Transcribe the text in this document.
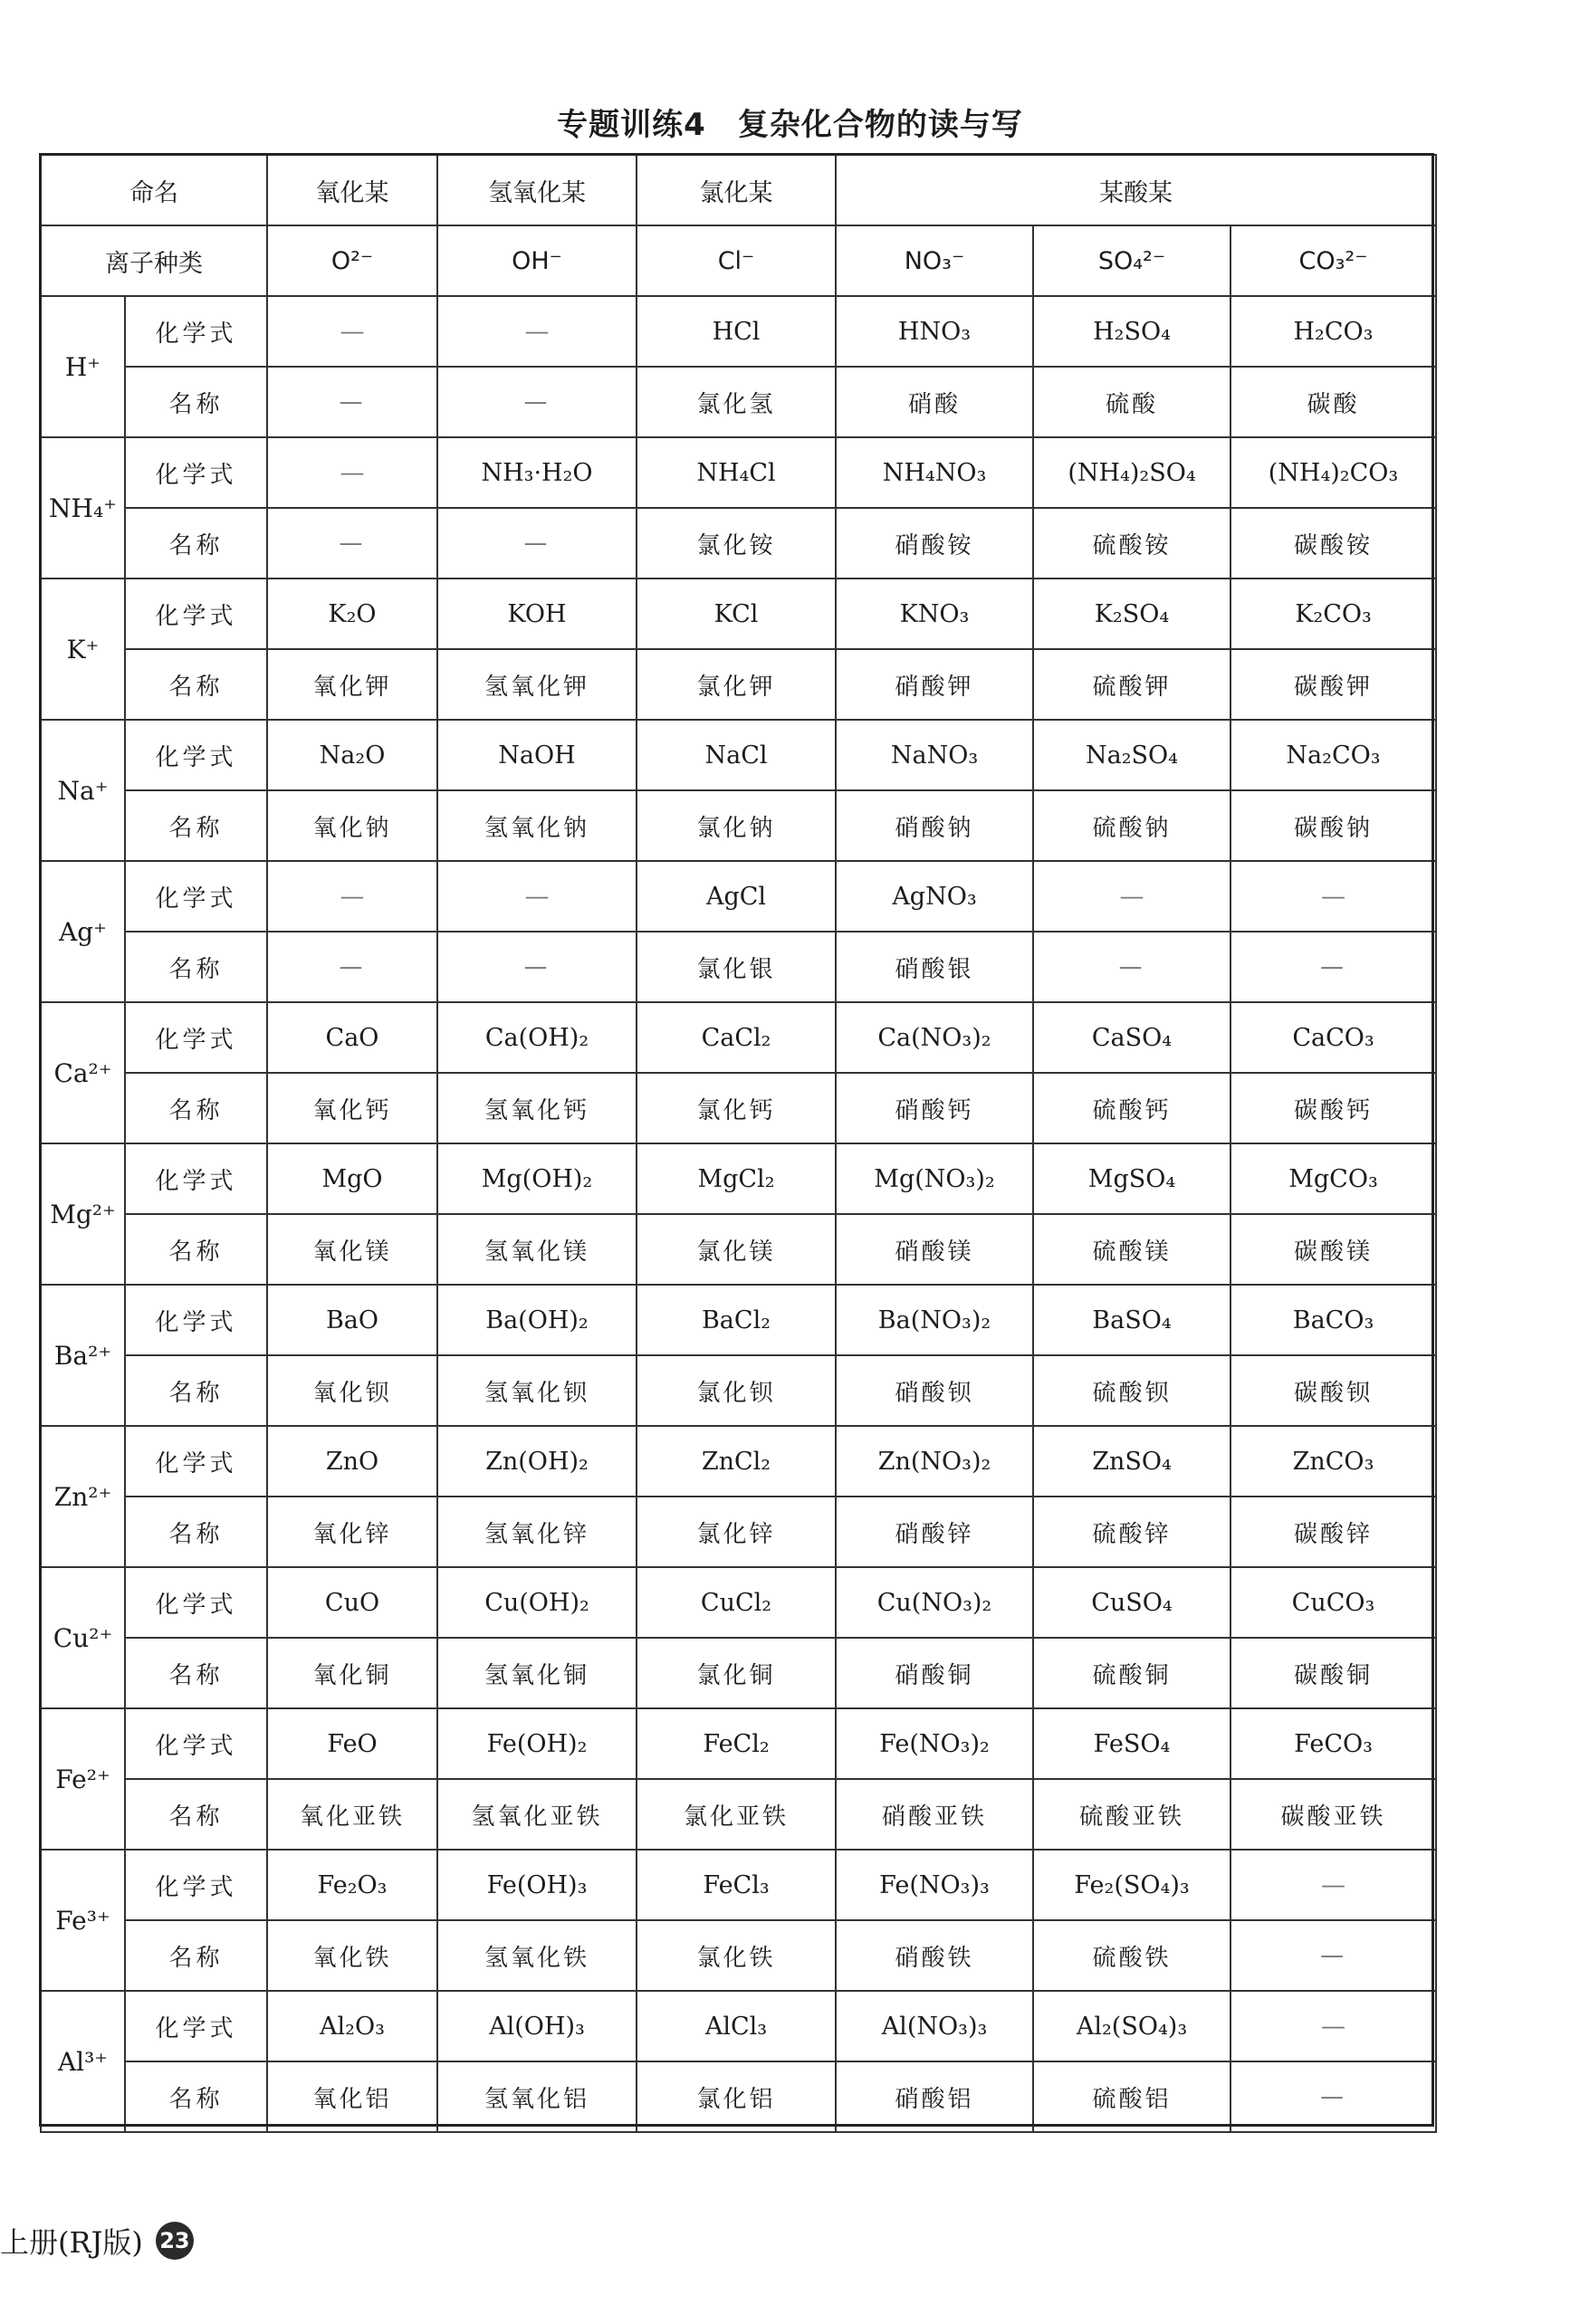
专题训练4　复杂化合物的读与写
命名		氧化某	氢氧化某	氯化某	某酸某		
离子种类		O²⁻	OH⁻	Cl⁻	NO₃⁻	SO₄²⁻	CO₃²⁻
H⁺	化学式	—	—	HCl	HNO₃	H₂SO₄	H₂CO₃
	名称	—	—	氯化氢	硝酸	硫酸	碳酸
NH₄⁺	化学式	—	NH₃·H₂O	NH₄Cl	NH₄NO₃	(NH₄)₂SO₄	(NH₄)₂CO₃
	名称	—	—	氯化铵	硝酸铵	硫酸铵	碳酸铵
K⁺	化学式	K₂O	KOH	KCl	KNO₃	K₂SO₄	K₂CO₃
	名称	氧化钾	氢氧化钾	氯化钾	硝酸钾	硫酸钾	碳酸钾
Na⁺	化学式	Na₂O	NaOH	NaCl	NaNO₃	Na₂SO₄	Na₂CO₃
	名称	氧化钠	氢氧化钠	氯化钠	硝酸钠	硫酸钠	碳酸钠
Ag⁺	化学式	—	—	AgCl	AgNO₃	—	—
	名称	—	—	氯化银	硝酸银	—	—
Ca²⁺	化学式	CaO	Ca(OH)₂	CaCl₂	Ca(NO₃)₂	CaSO₄	CaCO₃
	名称	氧化钙	氢氧化钙	氯化钙	硝酸钙	硫酸钙	碳酸钙
Mg²⁺	化学式	MgO	Mg(OH)₂	MgCl₂	Mg(NO₃)₂	MgSO₄	MgCO₃
	名称	氧化镁	氢氧化镁	氯化镁	硝酸镁	硫酸镁	碳酸镁
Ba²⁺	化学式	BaO	Ba(OH)₂	BaCl₂	Ba(NO₃)₂	BaSO₄	BaCO₃
	名称	氧化钡	氢氧化钡	氯化钡	硝酸钡	硫酸钡	碳酸钡
Zn²⁺	化学式	ZnO	Zn(OH)₂	ZnCl₂	Zn(NO₃)₂	ZnSO₄	ZnCO₃
	名称	氧化锌	氢氧化锌	氯化锌	硝酸锌	硫酸锌	碳酸锌
Cu²⁺	化学式	CuO	Cu(OH)₂	CuCl₂	Cu(NO₃)₂	CuSO₄	CuCO₃
	名称	氧化铜	氢氧化铜	氯化铜	硝酸铜	硫酸铜	碳酸铜
Fe²⁺	化学式	FeO	Fe(OH)₂	FeCl₂	Fe(NO₃)₂	FeSO₄	FeCO₃
	名称	氧化亚铁	氢氧化亚铁	氯化亚铁	硝酸亚铁	硫酸亚铁	碳酸亚铁
Fe³⁺	化学式	Fe₂O₃	Fe(OH)₃	FeCl₃	Fe(NO₃)₃	Fe₂(SO₄)₃	—
	名称	氧化铁	氢氧化铁	氯化铁	硝酸铁	硫酸铁	—
Al³⁺	化学式	Al₂O₃	Al(OH)₃	AlCl₃	Al(NO₃)₃	Al₂(SO₄)₃	—
	名称	氧化铝	氢氧化铝	氯化铝	硝酸铝	硫酸铝	—
上册(RJ版) 23
